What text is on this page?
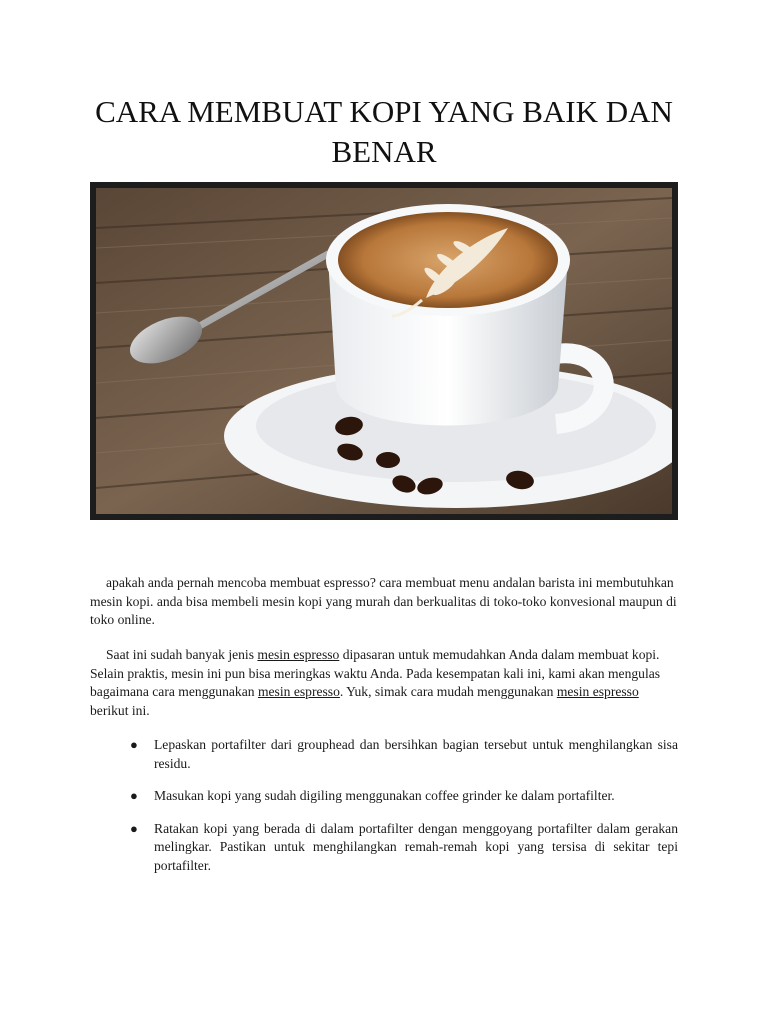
CARA MEMBUAT KOPI YANG BAIK DAN BENAR

apakah anda pernah mencoba membuat espresso? cara membuat menu andalan barista ini membutuhkan mesin kopi. anda bisa membeli mesin kopi yang murah dan berkualitas di toko-toko konvesional maupun di toko online.

Saat ini sudah banyak jenis mesin espresso dipasaran untuk memudahkan Anda dalam membuat kopi. Selain praktis, mesin ini pun bisa meringkas waktu Anda. Pada kesempatan kali ini, kami akan mengulas bagaimana cara menggunakan mesin espresso. Yuk, simak cara mudah menggunakan mesin espresso berikut ini.

● Lepaskan portafilter dari grouphead dan bersihkan bagian tersebut untuk menghilangkan sisa residu.
● Masukan kopi yang sudah digiling menggunakan coffee grinder ke dalam portafilter.
● Ratakan kopi yang berada di dalam portafilter dengan menggoyang portafilter dalam gerakan melingkar. Pastikan untuk menghilangkan remah-remah kopi yang tersisa di sekitar tepi portafilter.
